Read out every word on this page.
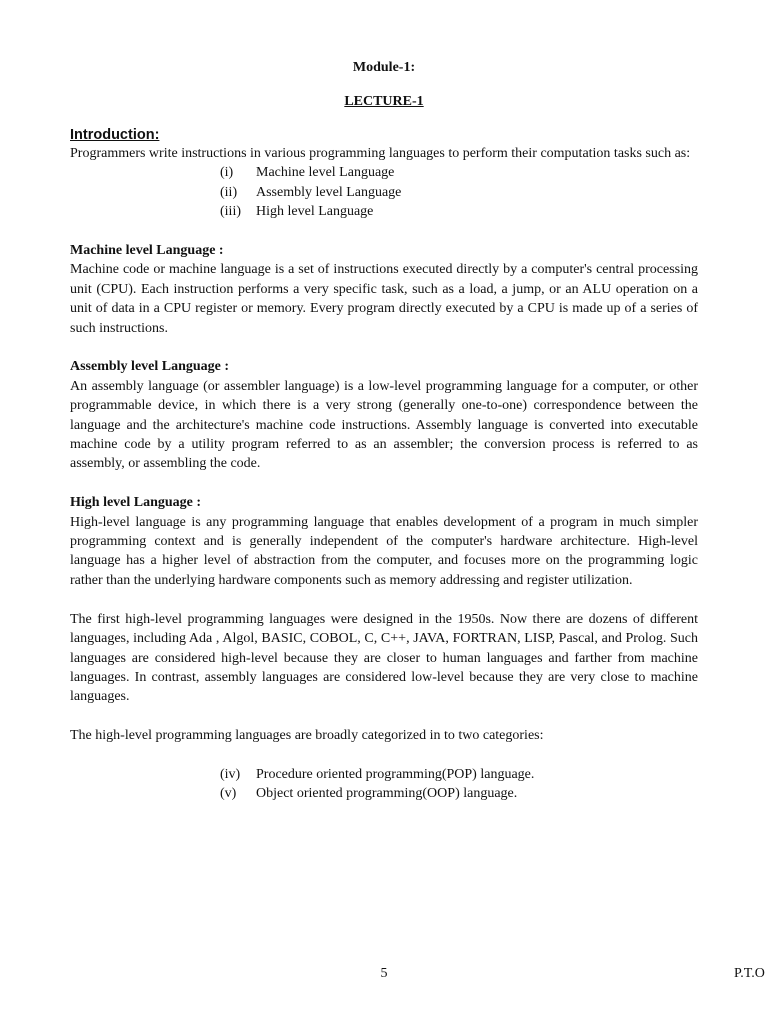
Module-1:
LECTURE-1
Introduction:

Programmers write instructions in various programming languages to perform their computation tasks such as:

(i)	Machine level Language
(ii)	Assembly level Language
(iii)	High level Language
Machine level Language :

Machine code or machine language is a set of instructions executed directly by a computer's central processing unit (CPU). Each instruction performs a very specific task, such as a load, a jump, or an ALU operation on a unit of data in a CPU register or memory. Every program directly executed by a CPU is made up of a series of such instructions.

Assembly level Language :

An assembly language (or assembler language) is a low-level programming language for a computer, or other programmable device, in which there is a very strong (generally one-to-one) correspondence between the language and the architecture's machine code instructions. Assembly language is converted into executable machine code by a utility program referred to as an assembler; the conversion process is referred to as assembly, or assembling the code.

High level Language :

High-level language is any programming language that enables development of a program in much simpler programming context and is generally independent of the computer's hardware architecture. High-level language has a higher level of abstraction from the computer, and focuses more on the programming logic rather than the underlying hardware components such as memory addressing and register utilization.

The first high-level programming languages were designed in the 1950s. Now there are dozens of different languages, including Ada , Algol, BASIC, COBOL, C, C++, JAVA, FORTRAN, LISP, Pascal, and Prolog. Such languages are considered high-level because they are closer to human languages and farther from machine languages. In contrast, assembly languages are considered low-level because they are very close to machine languages.

The high-level programming languages are broadly categorized in to two categories:

(iv)	Procedure oriented programming(POP) language.
(v)	Object oriented programming(OOP) language.
5	P.T.O
